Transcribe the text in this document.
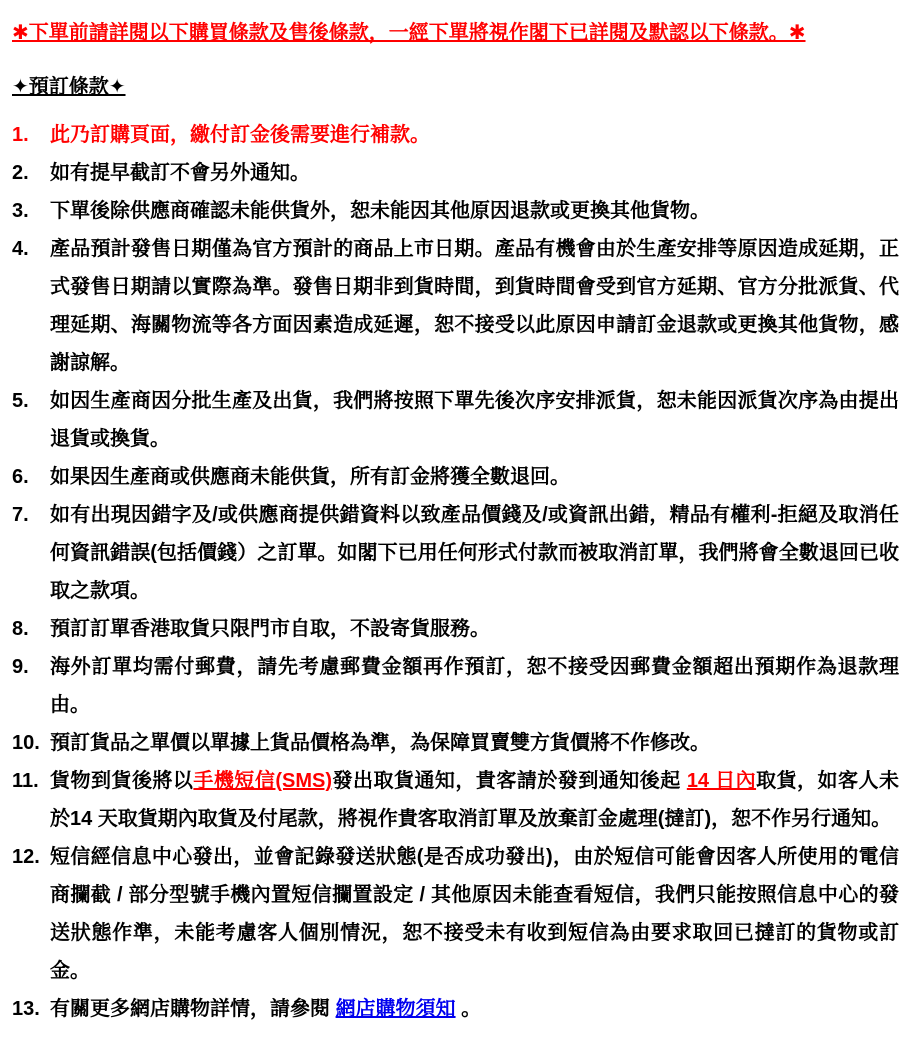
✱下單前請詳閱以下購買條款及售後條款，一經下單將視作閣下已詳閱及默認以下條款。✱
✦預訂條款✦
1.	此乃訂購頁面，繳付訂金後需要進行補款。
2.	如有提早截訂不會另外通知。
3.	下單後除供應商確認未能供貨外，恕未能因其他原因退款或更換其他貨物。
4.	產品預計發售日期僅為官方預計的商品上市日期。產品有機會由於生產安排等原因造成延期，正式發售日期請以實際為準。發售日期非到貨時間，到貨時間會受到官方延期、官方分批派貨、代理延期、海關物流等各方面因素造成延遲，恕不接受以此原因申請訂金退款或更換其他貨物，感謝諒解。
5.	如因生產商因分批生產及出貨，我們將按照下單先後次序安排派貨，恕未能因派貨次序為由提出退貨或換貨。
6.	如果因生產商或供應商未能供貨，所有訂金將獲全數退回。
7.	如有出現因錯字及/或供應商提供錯資料以致產品價錢及/或資訊出錯，精品有權利-拒絕及取消任何資訊錯誤(包括價錢）之訂單。如閣下已用任何形式付款而被取消訂單，我們將會全數退回已收取之款項。
8.	預訂訂單香港取貨只限門市自取，不設寄貨服務。
9.	海外訂單均需付郵費，請先考慮郵費金額再作預訂，恕不接受因郵費金額超出預期作為退款理由。
10. 預訂貨品之單價以單據上貨品價格為準，為保障買賣雙方貨價將不作修改。
11. 貨物到貨後將以手機短信(SMS)發出取貨通知，貴客請於發到通知後起 14 日內取貨，如客人未於14 天取貨期內取貨及付尾款，將視作貴客取消訂單及放棄訂金處理(撻訂)，恕不作另行通知。
12. 短信經信息中心發出，並會記錄發送狀態(是否成功發出)，由於短信可能會因客人所使用的電信商攔截 / 部分型號手機內置短信攔置設定 / 其他原因未能查看短信，我們只能按照信息中心的發送狀態作準，未能考慮客人個別情況，恕不接受未有收到短信為由要求取回已撻訂的貨物或訂金。
13. 有關更多網店購物詳情，請參閱 網店購物須知 。
